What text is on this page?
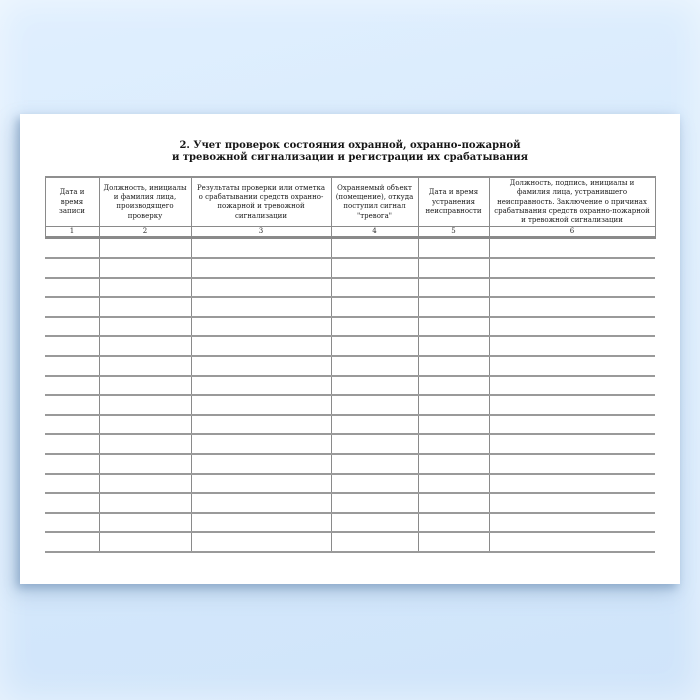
2. Учет проверок состояния охранной, охранно-пожарной
и тревожной сигнализации и регистрации их срабатывания
Дата и время записи	Должность, инициалы и фамилия лица, производящего проверку	Результаты проверки или отметка о срабатывании средств охранно-пожарной и тревожной сигнализации	Охраняемый объект (помещение), откуда поступил сигнал "тревога"	Дата и время устранения неисправности	Должность, подпись, инициалы и фамилия лица, устранившего неисправность. Заключение о причинах срабатывания средств охранно-пожарной и тревожной сигнализации
1	2	3	4	5	6
